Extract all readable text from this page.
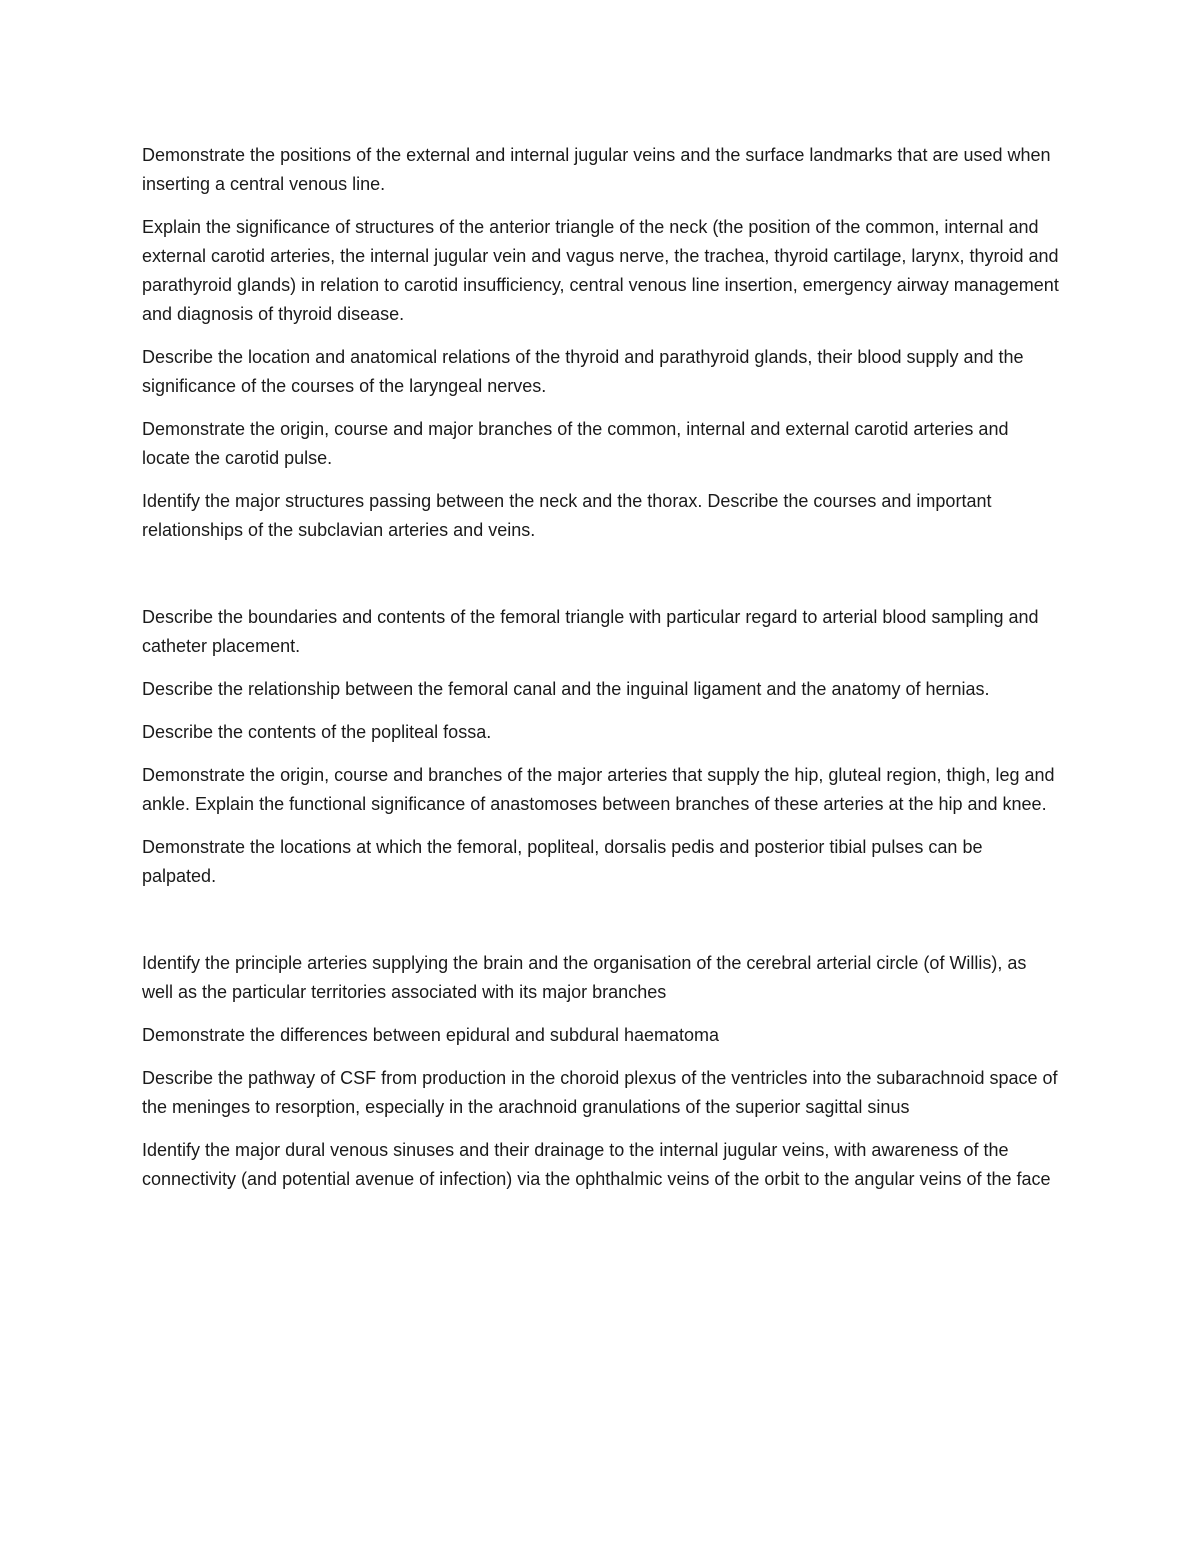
Demonstrate the positions of the external and internal jugular veins and the surface landmarks that are used when inserting a central venous line.

Explain the significance of structures of the anterior triangle of the neck (the position of the common, internal and external carotid arteries, the internal jugular vein and vagus nerve, the trachea, thyroid cartilage, larynx, thyroid and parathyroid glands) in relation to carotid insufficiency, central venous line insertion, emergency airway management and diagnosis of thyroid disease.

Describe the location and anatomical relations of the thyroid and parathyroid glands, their blood supply and the significance of the courses of the laryngeal nerves.

Demonstrate the origin, course and major branches of the common, internal and external carotid arteries and locate the carotid pulse.

Identify the major structures passing between the neck and the thorax. Describe the courses and important relationships of the subclavian arteries and veins.

Describe the boundaries and contents of the femoral triangle with particular regard to arterial blood sampling and catheter placement.

Describe the relationship between the femoral canal and the inguinal ligament and the anatomy of hernias.

Describe the contents of the popliteal fossa.

Demonstrate the origin, course and branches of the major arteries that supply the hip, gluteal region, thigh, leg and ankle. Explain the functional significance of anastomoses between branches of these arteries at the hip and knee.

Demonstrate the locations at which the femoral, popliteal, dorsalis pedis and posterior tibial pulses can be palpated.

Identify the principle arteries supplying the brain and the organisation of the cerebral arterial circle (of Willis), as well as the particular territories associated with its major branches

Demonstrate the differences between epidural and subdural haematoma

Describe the pathway of CSF from production in the choroid plexus of the ventricles into the subarachnoid space of the meninges to resorption, especially in the arachnoid granulations of the superior sagittal sinus

Identify the major dural venous sinuses and their drainage to the internal jugular veins, with awareness of the connectivity (and potential avenue of infection) via the ophthalmic veins of the orbit to the angular veins of the face
